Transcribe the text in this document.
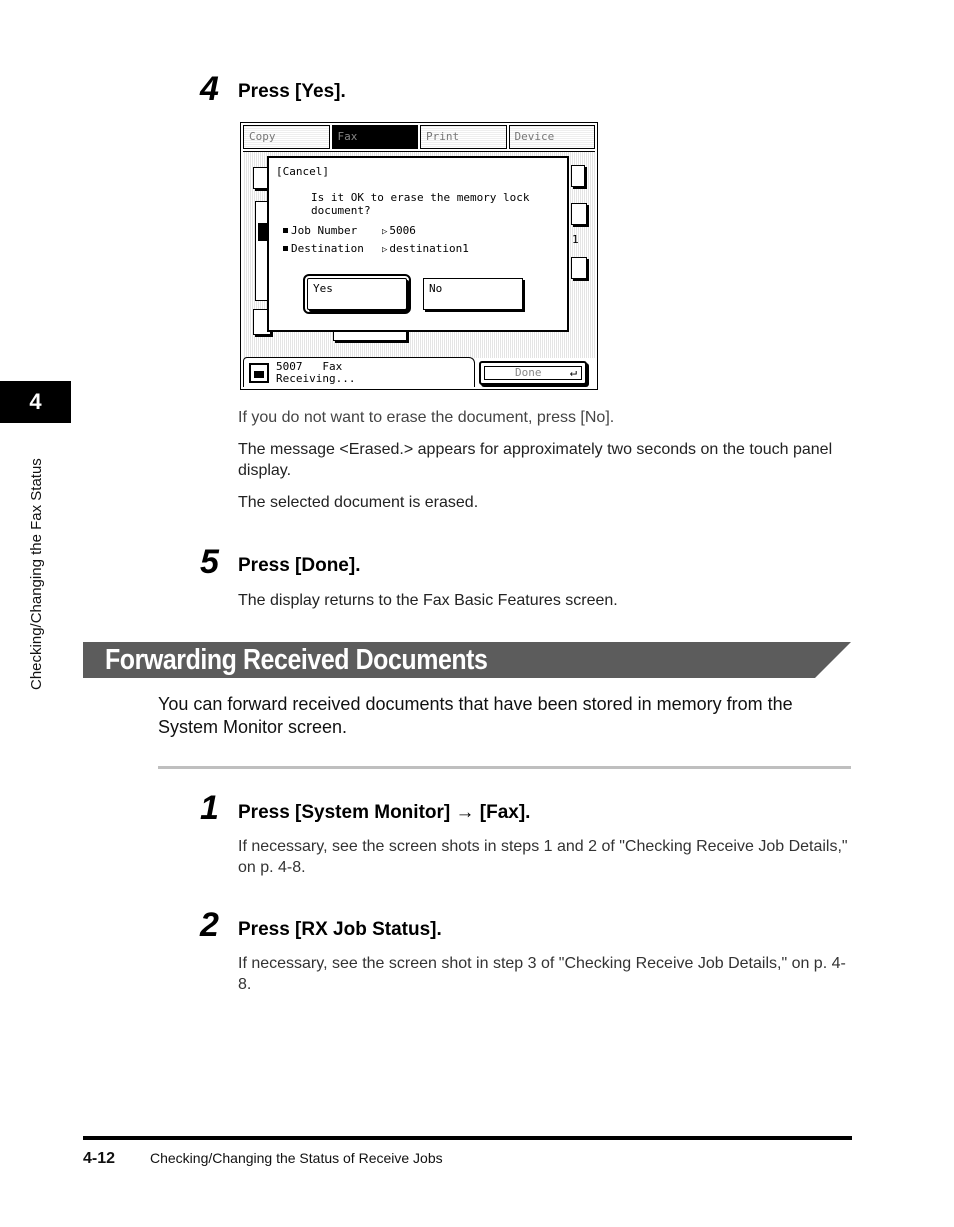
4
Checking/Changing the Fax Status
4 Press [Yes].
Copy	Fax	Print	Device
1
[Cancel]
Is it OK to erase the memory lock
document?
Job Number	▷ 5006
Destination ▷ destination1
Yes	No
5007   Fax
Receiving...	Done ↵
If you do not want to erase the document, press [No].
The message <Erased.> appears for approximately two seconds on the touch panel display.
The selected document is erased.
5 Press [Done].
The display returns to the Fax Basic Features screen.
Forwarding Received Documents
You can forward received documents that have been stored in memory from the System Monitor screen.
1 Press [System Monitor] → [Fax].
If necessary, see the screen shots in steps 1 and 2 of "Checking Receive Job Details," on p. 4-8.
2 Press [RX Job Status].
If necessary, see the screen shot in step 3 of "Checking Receive Job Details," on p. 4-8.
4-12 Checking/Changing the Status of Receive Jobs
